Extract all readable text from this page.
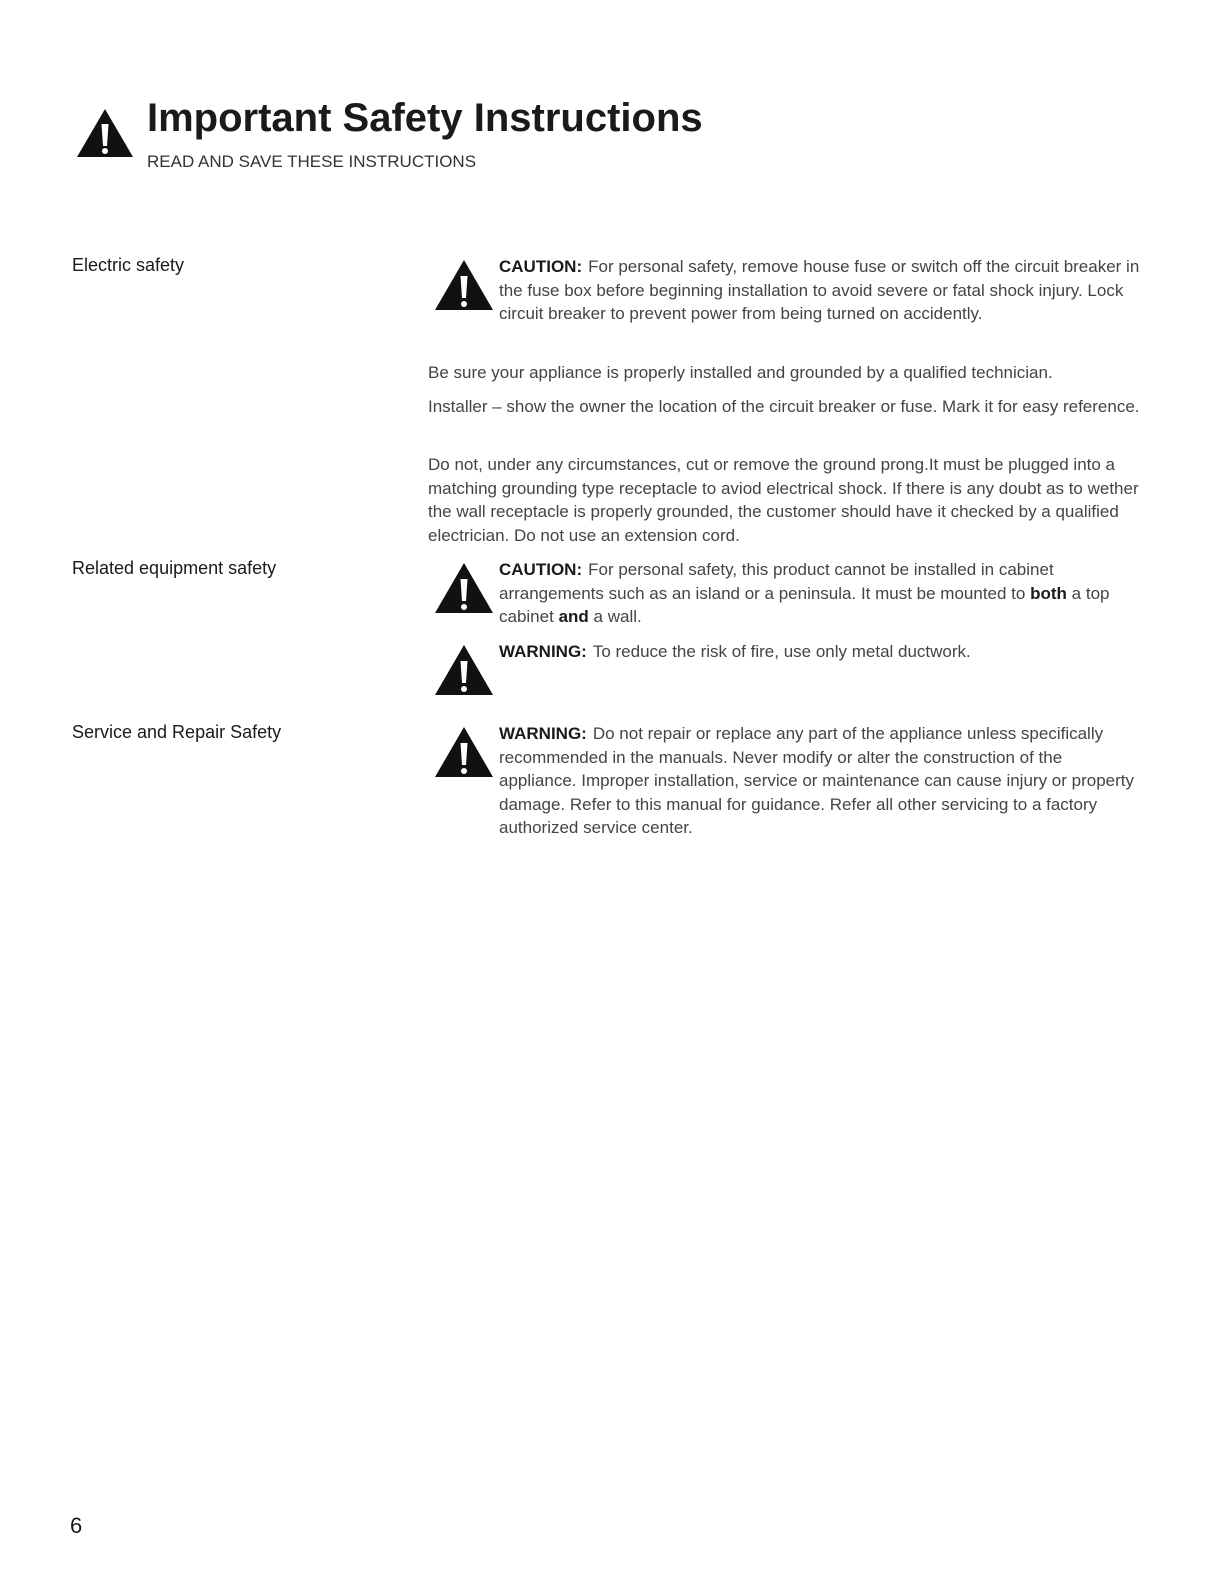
Important Safety Instructions
READ AND SAVE THESE INSTRUCTIONS
Electric safety	CAUTION: For personal safety, remove house fuse or switch off the circuit breaker in the fuse box before beginning installation to avoid severe or fatal shock injury. Lock circuit breaker to prevent power from being turned on accidently.
Be sure your appliance is properly installed and grounded by a qualified technician.
Installer – show the owner the location of the circuit breaker or fuse. Mark it for easy reference.
Do not, under any circumstances, cut or remove the ground prong.It must be plugged into a matching grounding type receptacle to aviod electrical shock. If there is any doubt as to wether the wall receptacle is properly grounded, the customer should have it checked by a qualified electrician. Do not use an extension cord.
Related equipment safety	CAUTION: For personal safety, this product cannot be installed in cabinet arrangements such as an island or a peninsula. It must be mounted to both a top cabinet and a wall.
WARNING: To reduce the risk of fire, use only metal ductwork.
Service and Repair Safety	WARNING: Do not repair or replace any part of the appliance unless specifically recommended in the manuals. Never modify or alter the construction of the appliance. Improper installation, service or maintenance can cause injury or property damage. Refer to this manual for guidance. Refer all other servicing to a factory authorized service center.
6
